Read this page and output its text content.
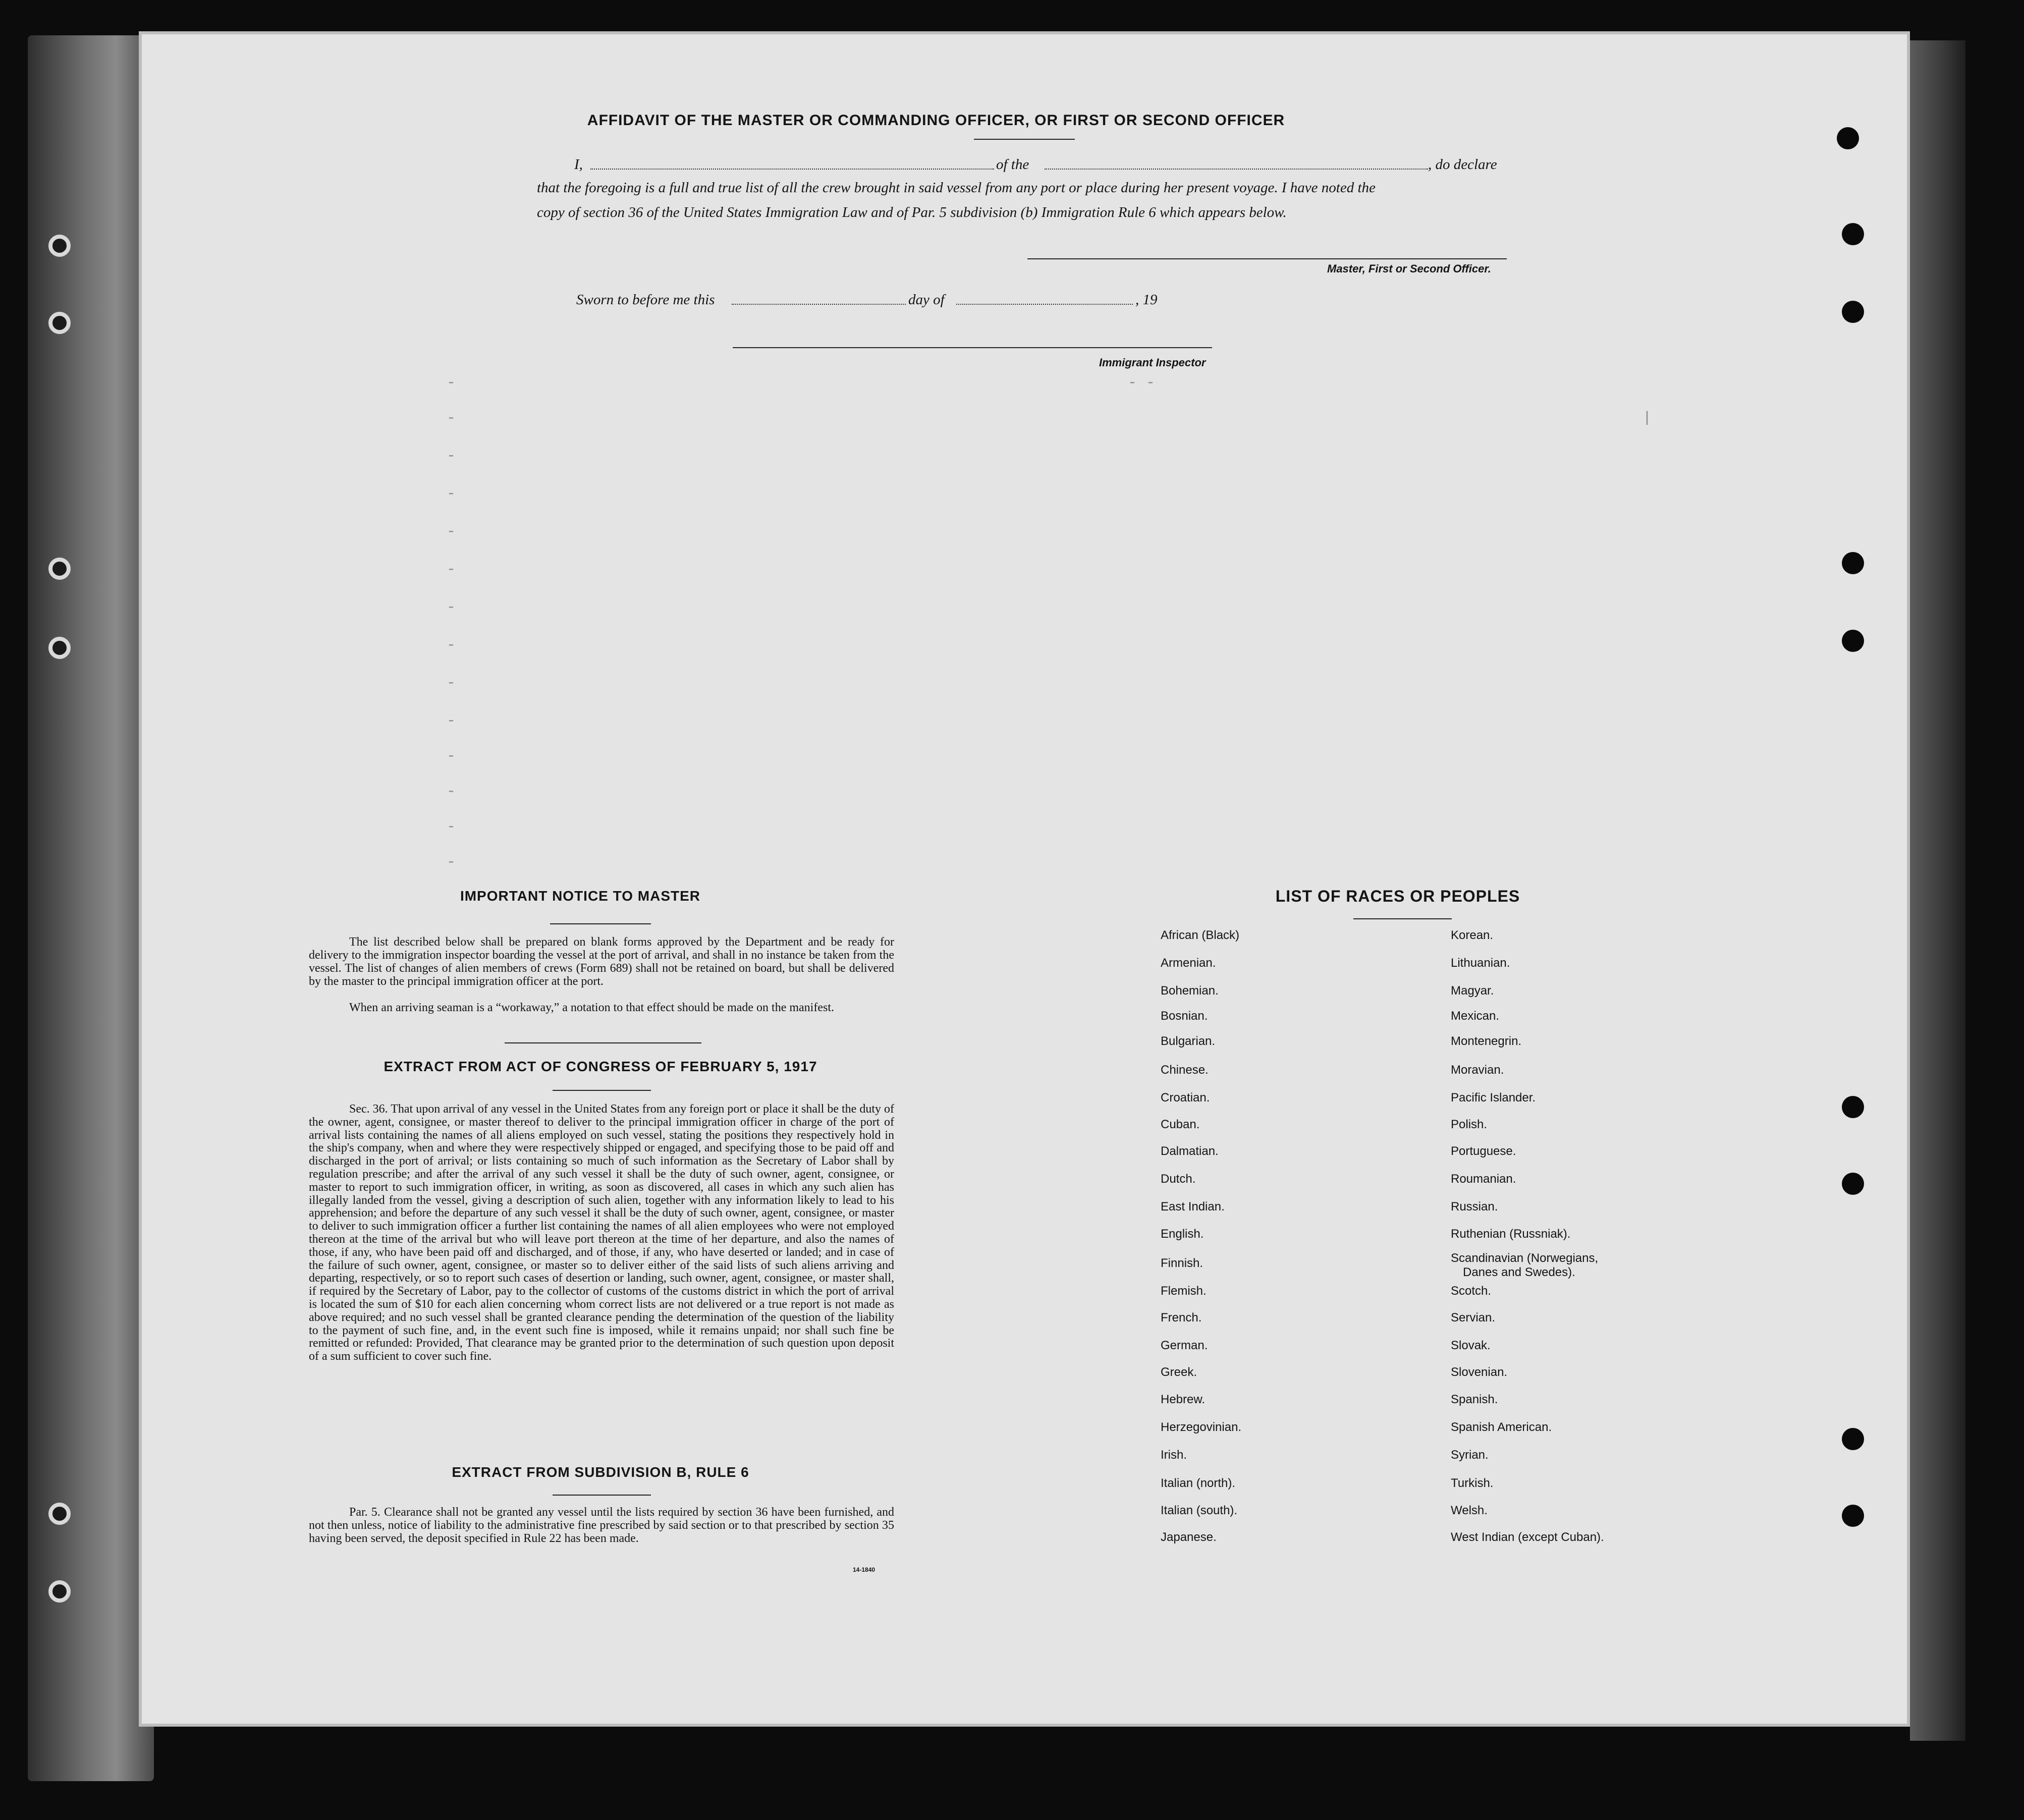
-
-
-
-
-
-
-
-
-
-
-
-
-
-
- -
|
AFFIDAVIT OF THE MASTER OR COMMANDING OFFICER, OR FIRST OR SECOND OFFICER
I,	of the	, do declare
that the foregoing is a full and true list of all the crew brought in said vessel from any port or place during her present voyage. I have noted the
copy of section 36 of the United States Immigration Law and of Par. 5 subdivision (b) Immigration Rule 6 which appears below.
Master, First or Second Officer.
Sworn to before me this	day of	, 19
Immigrant Inspector
IMPORTANT NOTICE TO MASTER
The list described below shall be prepared on blank forms approved by the Department and be ready for delivery to the immigration inspector boarding the vessel at the port of arrival, and shall in no instance be taken from the vessel. The list of changes of alien members of crews (Form 689) shall not be retained on board, but shall be delivered by the master to the principal immigration officer at the port.
When an arriving seaman is a “workaway,” a notation to that effect should be made on the manifest.
EXTRACT FROM ACT OF CONGRESS OF FEBRUARY 5, 1917
Sec. 36. That upon arrival of any vessel in the United States from any foreign port or place it shall be the duty of the owner, agent, consignee, or master thereof to deliver to the principal immigration officer in charge of the port of arrival lists containing the names of all aliens employed on such vessel, stating the positions they respectively hold in the ship's company, when and where they were respectively shipped or engaged, and specifying those to be paid off and discharged in the port of arrival; or lists containing so much of such information as the Secretary of Labor shall by regulation prescribe; and after the arrival of any such vessel it shall be the duty of such owner, agent, consignee, or master to report to such immigration officer, in writing, as soon as discovered, all cases in which any such alien has illegally landed from the vessel, giving a description of such alien, together with any information likely to lead to his apprehension; and before the departure of any such vessel it shall be the duty of such owner, agent, consignee, or master to deliver to such immigration officer a further list containing the names of all alien employees who were not employed thereon at the time of the arrival but who will leave port thereon at the time of her departure, and also the names of those, if any, who have been paid off and discharged, and of those, if any, who have deserted or landed; and in case of the failure of such owner, agent, consignee, or master so to deliver either of the said lists of such aliens arriving and departing, respectively, or so to report such cases of desertion or landing, such owner, agent, consignee, or master shall, if required by the Secretary of Labor, pay to the collector of customs of the customs district in which the port of arrival is located the sum of $10 for each alien concerning whom correct lists are not delivered or a true report is not made as above required; and no such vessel shall be granted clearance pending the determination of the question of the liability to the payment of such fine, and, in the event such fine is imposed, while it remains unpaid; nor shall such fine be remitted or refunded: Provided, That clearance may be granted prior to the determination of such question upon deposit of a sum sufficient to cover such fine.
EXTRACT FROM SUBDIVISION B, RULE 6
Par. 5. Clearance shall not be granted any vessel until the lists required by section 36 have been furnished, and not then unless, notice of liability to the administrative fine prescribed by said section or to that prescribed by section 35 having been served, the deposit specified in Rule 22 has been made.
14-1840
LIST OF RACES OR PEOPLES
African (Black)
Armenian.
Bohemian.
Bosnian.
Bulgarian.
Chinese.
Croatian.
Cuban.
Dalmatian.
Dutch.
East Indian.
English.
Finnish.
Flemish.
French.
German.
Greek.
Hebrew.
Herzegovinian.
Irish.
Italian (north).
Italian (south).
Japanese.
Korean.
Lithuanian.
Magyar.
Mexican.
Montenegrin.
Moravian.
Pacific Islander.
Polish.
Portuguese.
Roumanian.
Russian.
Ruthenian (Russniak).
Scandinavian (Norwegians,
Danes and Swedes).
Scotch.
Servian.
Slovak.
Slovenian.
Spanish.
Spanish American.
Syrian.
Turkish.
Welsh.
West Indian (except Cuban).
